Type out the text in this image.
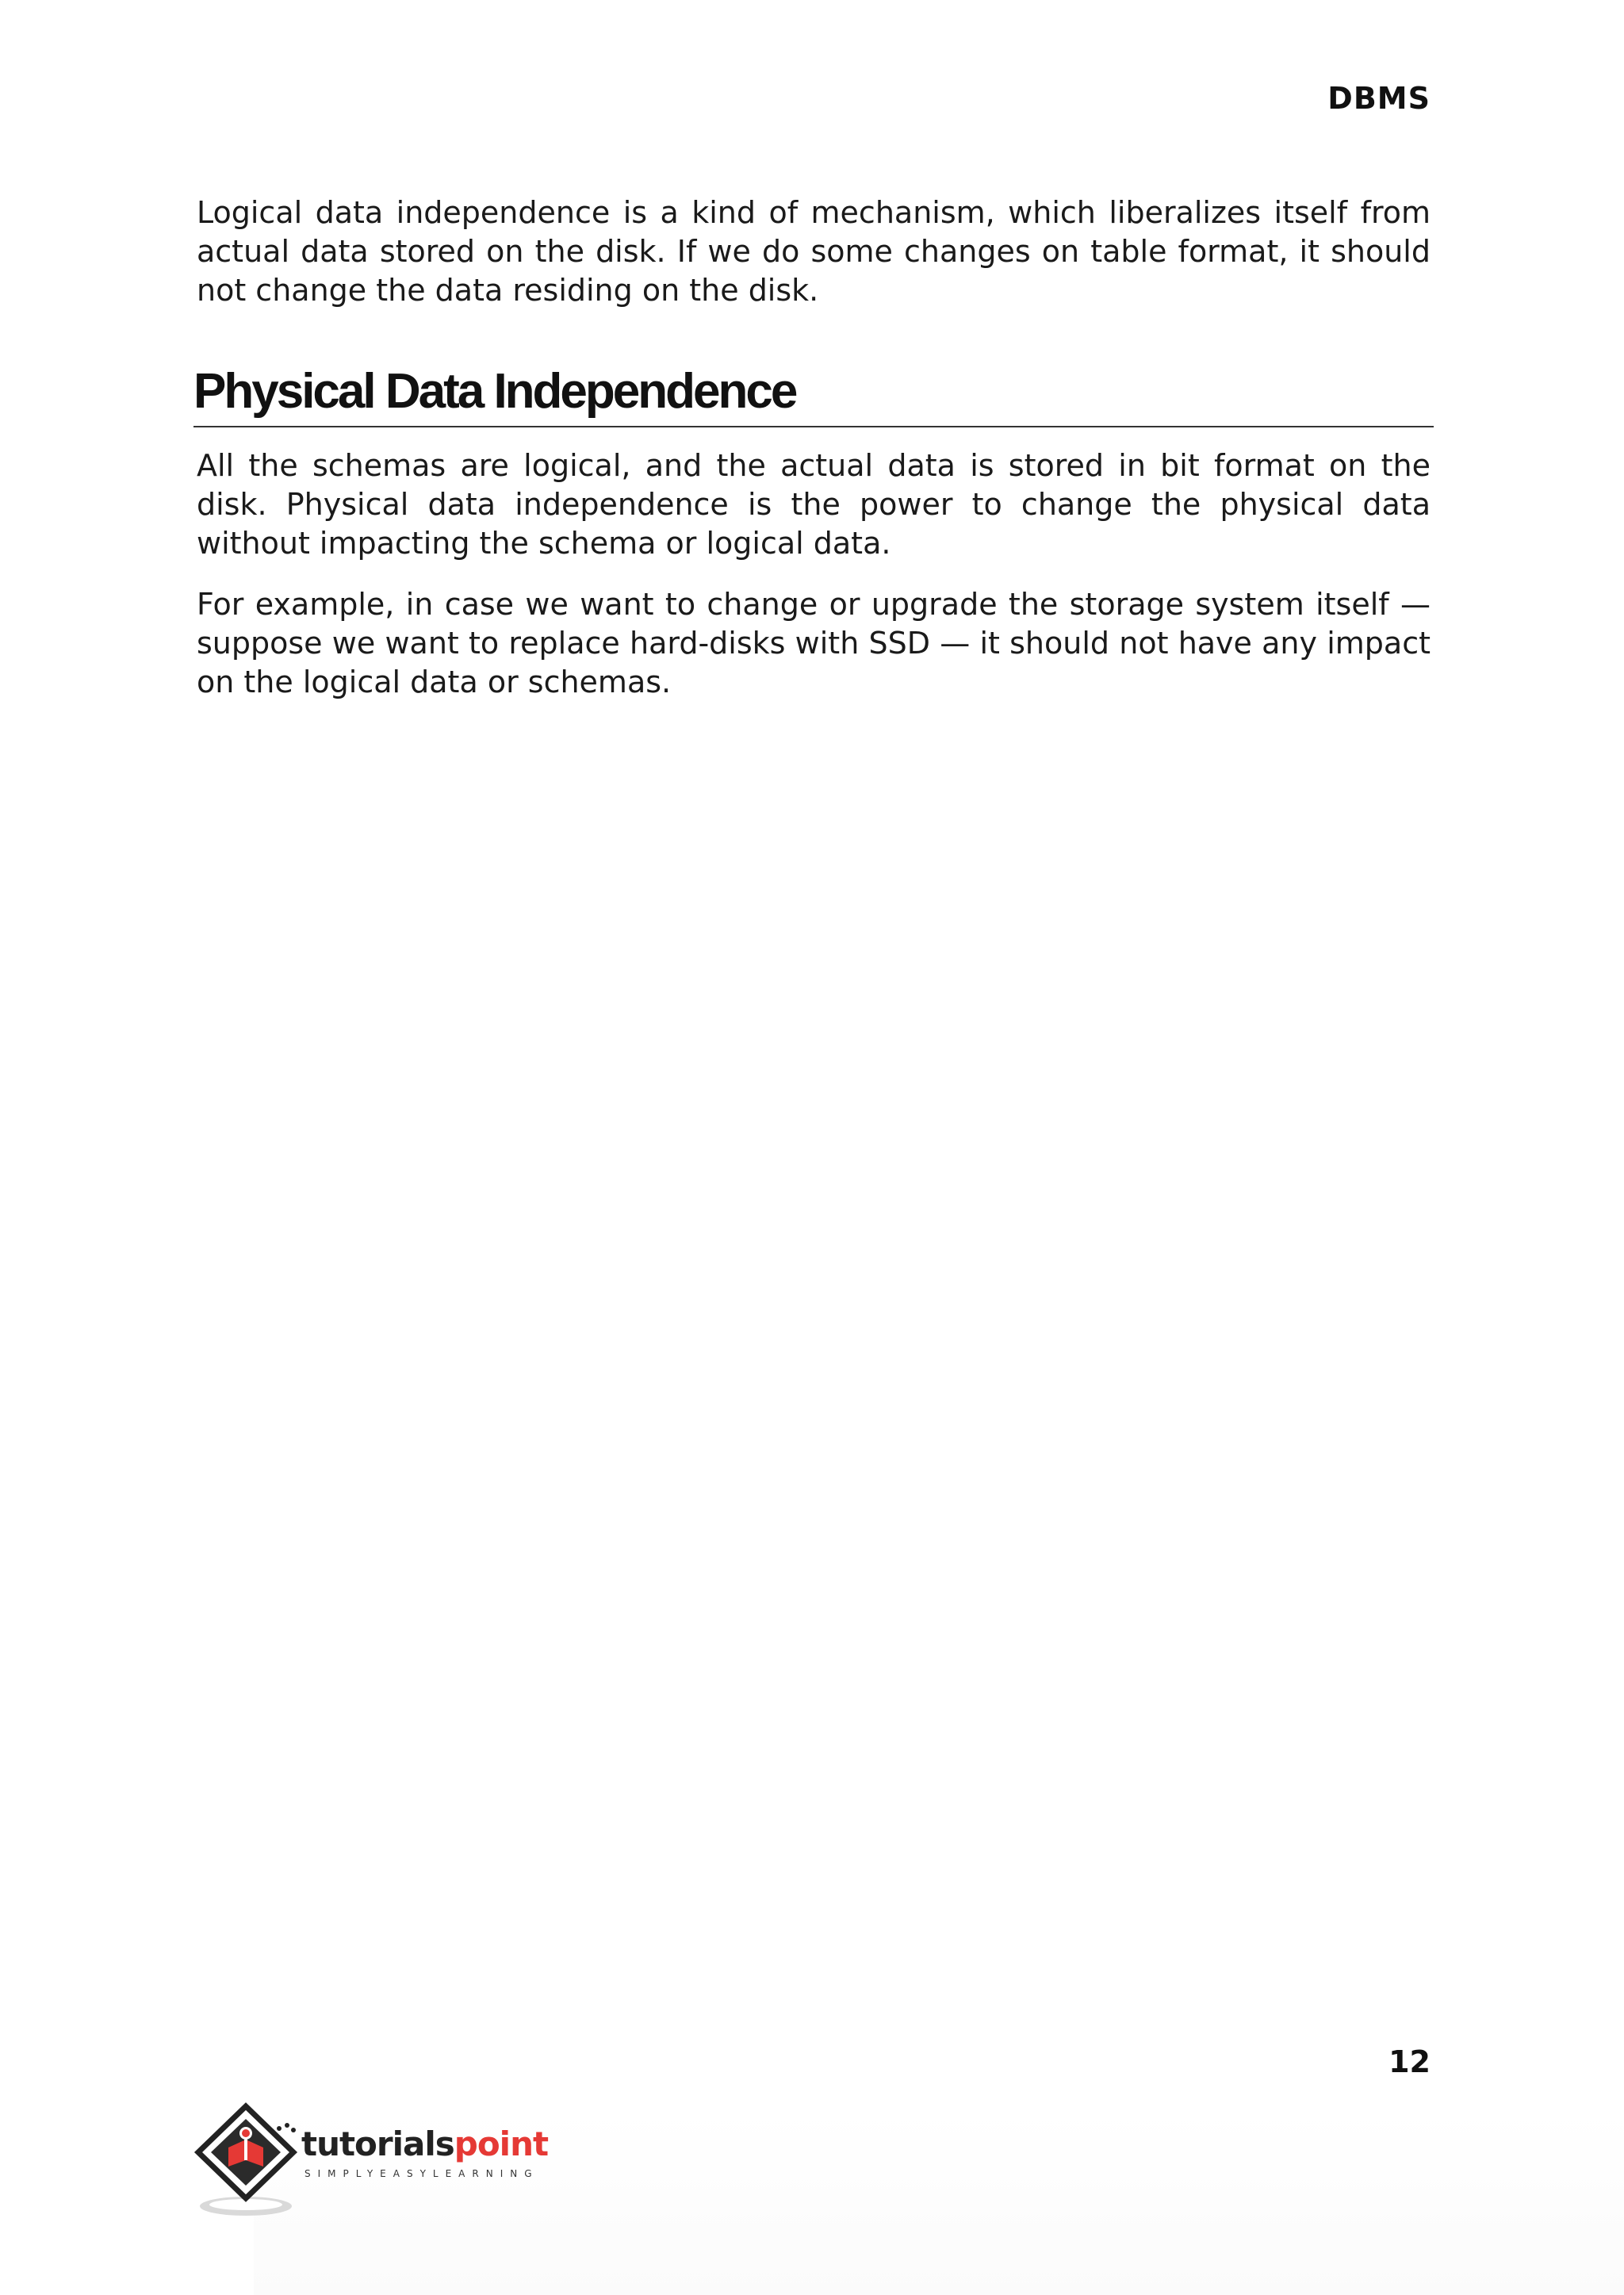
DBMS

Logical data independence is a kind of mechanism, which liberalizes itself from actual data stored on the disk. If we do some changes on table format, it should not change the data residing on the disk.

Physical Data Independence

All the schemas are logical, and the actual data is stored in bit format on the disk. Physical data independence is the power to change the physical data without impacting the schema or logical data.

For example, in case we want to change or upgrade the storage system itself — suppose we want to replace hard-disks with SSD — it should not have any impact on the logical data or schemas.

12
tutorialspoint
SIMPLYEASYLEARNING
